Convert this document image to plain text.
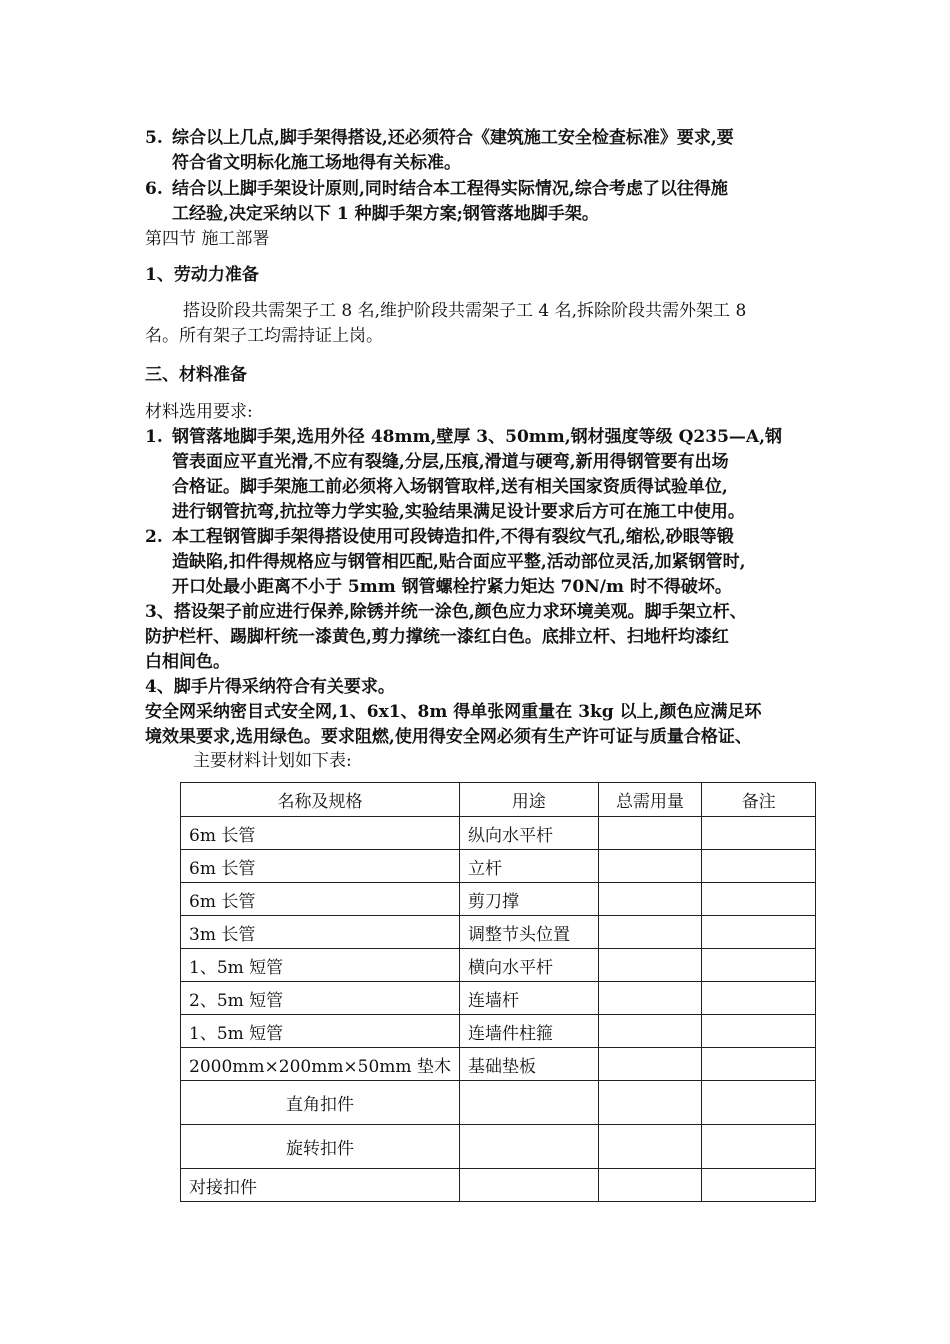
5. 综合以上几点,脚手架得搭设,还必须符合《建筑施工安全检查标准》要求,要
符合省文明标化施工场地得有关标准。
6. 结合以上脚手架设计原则,同时结合本工程得实际情况,综合考虑了以往得施
工经验,决定采纳以下 1 种脚手架方案;钢管落地脚手架。
第四节 施工部署
1、劳动力准备
搭设阶段共需架子工 8 名,维护阶段共需架子工 4 名,拆除阶段共需外架工 8
名。所有架子工均需持证上岗。
三、材料准备
材料选用要求:
1. 钢管落地脚手架,选用外径 48mm,壁厚 3、50mm,钢材强度等级 Q235—A,钢
管表面应平直光滑,不应有裂缝,分层,压痕,滑道与硬弯,新用得钢管要有出场
合格证。脚手架施工前必须将入场钢管取样,送有相关国家资质得试验单位,
进行钢管抗弯,抗拉等力学实验,实验结果满足设计要求后方可在施工中使用。
2. 本工程钢管脚手架得搭设使用可段铸造扣件,不得有裂纹气孔,缩松,砂眼等锻
造缺陷,扣件得规格应与钢管相匹配,贴合面应平整,活动部位灵活,加紧钢管时,
开口处最小距离不小于 5mm 钢管螺栓拧紧力矩达 70N/m 时不得破坏。
3、搭设架子前应进行保养,除锈并统一涂色,颜色应力求环境美观。脚手架立杆、
防护栏杆、踢脚杆统一漆黄色,剪力撑统一漆红白色。底排立杆、扫地杆均漆红
白相间色。
4、脚手片得采纳符合有关要求。
安全网采纳密目式安全网,1、6x1、8m 得单张网重量在 3kg 以上,颜色应满足环
境效果要求,选用绿色。要求阻燃,使用得安全网必须有生产许可证与质量合格证、
主要材料计划如下表:
名称及规格	用途	总需用量	备注
6m 长管	纵向水平杆		
6m 长管	立杆		
6m 长管	剪刀撑		
3m 长管	调整节头位置		
1、5m 短管	横向水平杆		
2、5m 短管	连墙杆		
1、5m 短管	连墙件柱箍		
2000mm×200mm×50mm 垫木	基础垫板		
直角扣件			
旋转扣件			
对接扣件			
